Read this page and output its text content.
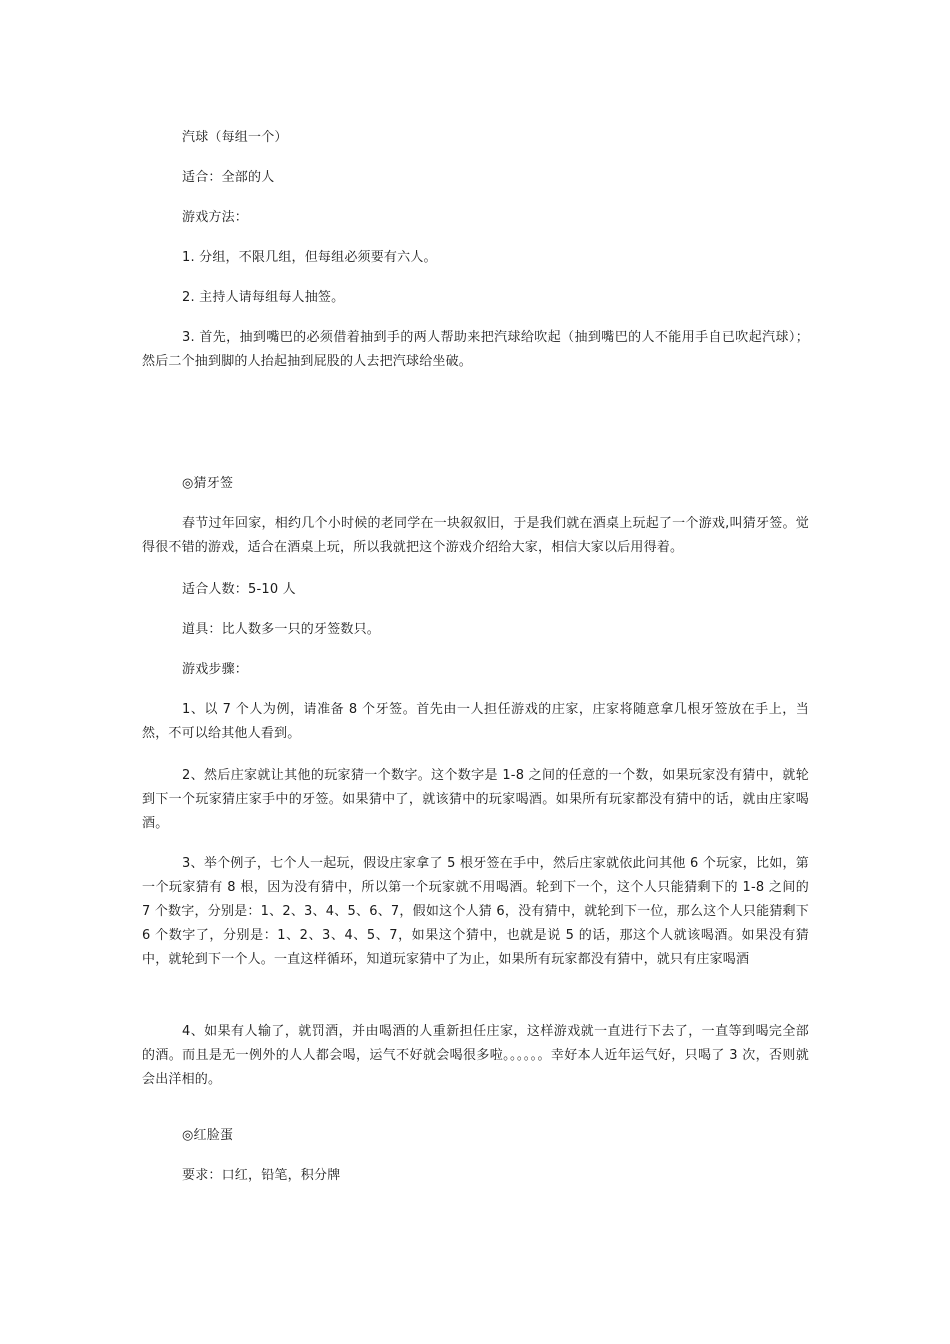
汽球（每组一个）

适合：全部的人

游戏方法：

1. 分组，不限几组，但每组必须要有六人。

2. 主持人请每组每人抽签。

3. 首先，抽到嘴巴的必须借着抽到手的两人帮助来把汽球给吹起（抽到嘴巴的人不能用手自已吹起汽球）；然后二个抽到脚的人抬起抽到屁股的人去把汽球给坐破。

◎猜牙签

春节过年回家，相约几个小时候的老同学在一块叙叙旧，于是我们就在酒桌上玩起了一个游戏,叫猜牙签。觉得很不错的游戏，适合在酒桌上玩，所以我就把这个游戏介绍给大家，相信大家以后用得着。

适合人数：5-10 人

道具：比人数多一只的牙签数只。

游戏步骤：

1、以 7 个人为例，请准备 8 个牙签。首先由一人担任游戏的庄家，庄家将随意拿几根牙签放在手上，当然，不可以给其他人看到。

2、然后庄家就让其他的玩家猜一个数字。这个数字是 1-8 之间的任意的一个数，如果玩家没有猜中，就轮到下一个玩家猜庄家手中的牙签。如果猜中了，就该猜中的玩家喝酒。如果所有玩家都没有猜中的话，就由庄家喝酒。

3、举个例子，七个人一起玩，假设庄家拿了 5 根牙签在手中，然后庄家就依此问其他 6 个玩家，比如，第一个玩家猜有 8 根，因为没有猜中，所以第一个玩家就不用喝酒。轮到下一个，这个人只能猜剩下的 1-8 之间的 7 个数字，分别是：1、2、3、4、5、6、7，假如这个人猜 6，没有猜中，就轮到下一位，那么这个人只能猜剩下 6 个数字了，分别是：1、2、3、4、5、7，如果这个猜中，也就是说 5 的话，那这个人就该喝酒。如果没有猜中，就轮到下一个人。一直这样循环，知道玩家猜中了为止，如果所有玩家都没有猜中，就只有庄家喝酒

4、如果有人输了，就罚酒，并由喝酒的人重新担任庄家，这样游戏就一直进行下去了，一直等到喝完全部的酒。而且是无一例外的人人都会喝，运气不好就会喝很多啦。。。。。。幸好本人近年运气好，只喝了 3 次，否则就会出洋相的。

◎红脸蛋

要求：口红，铅笔，积分牌
